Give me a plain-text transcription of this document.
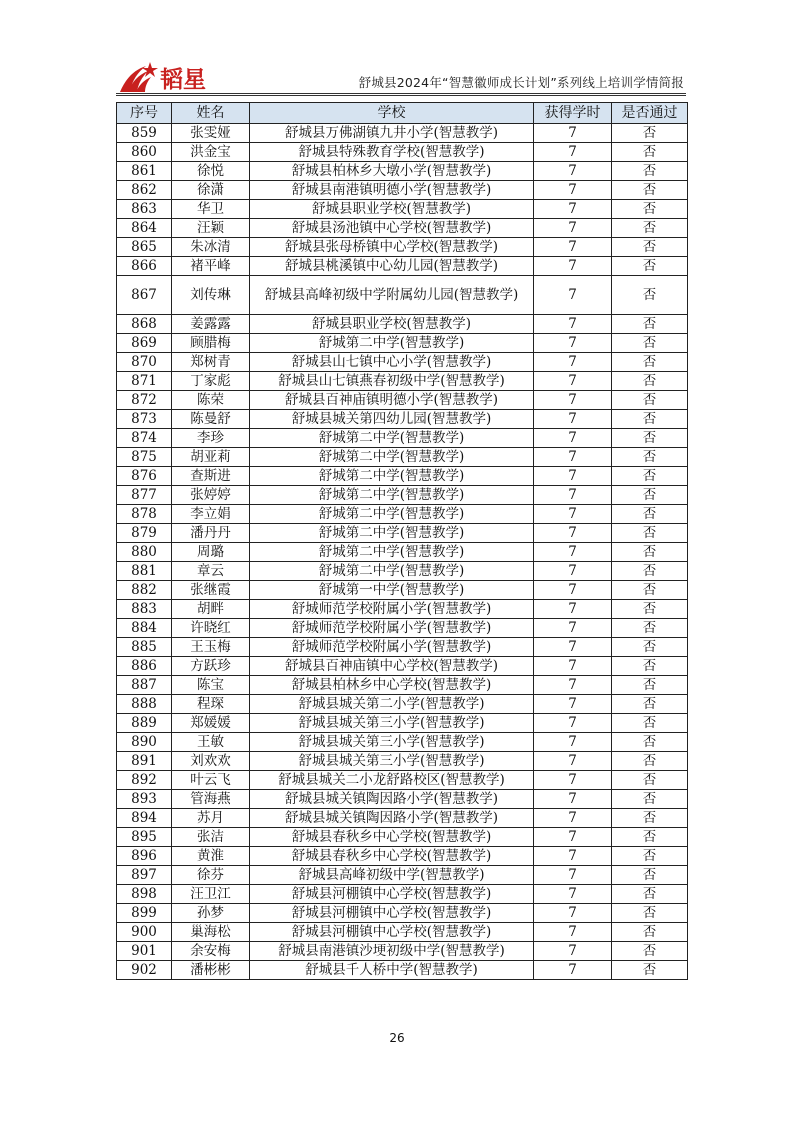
韬星	舒城县2024年“智慧徽师成长计划”系列线上培训学情简报
序号	姓名	学校	获得学时	是否通过
859	张雯娅	舒城县万佛湖镇九井小学(智慧教学)	7	否
860	洪金宝	舒城县特殊教育学校(智慧教学)	7	否
861	徐悦	舒城县柏林乡大墩小学(智慧教学)	7	否
862	徐潇	舒城县南港镇明德小学(智慧教学)	7	否
863	华卫	舒城县职业学校(智慧教学)	7	否
864	汪颖	舒城县汤池镇中心学校(智慧教学)	7	否
865	朱冰清	舒城县张母桥镇中心学校(智慧教学)	7	否
866	褚平峰	舒城县桃溪镇中心幼儿园(智慧教学)	7	否
867	刘传琳	舒城县高峰初级中学附属幼儿园(智慧教学)	7	否
868	姜露露	舒城县职业学校(智慧教学)	7	否
869	顾腊梅	舒城第二中学(智慧教学)	7	否
870	郑树青	舒城县山七镇中心小学(智慧教学)	7	否
871	丁家彪	舒城县山七镇燕春初级中学(智慧教学)	7	否
872	陈荣	舒城县百神庙镇明德小学(智慧教学)	7	否
873	陈曼舒	舒城县城关第四幼儿园(智慧教学)	7	否
874	李珍	舒城第二中学(智慧教学)	7	否
875	胡亚莉	舒城第二中学(智慧教学)	7	否
876	查斯进	舒城第二中学(智慧教学)	7	否
877	张婷婷	舒城第二中学(智慧教学)	7	否
878	李立娟	舒城第二中学(智慧教学)	7	否
879	潘丹丹	舒城第二中学(智慧教学)	7	否
880	周璐	舒城第二中学(智慧教学)	7	否
881	章云	舒城第二中学(智慧教学)	7	否
882	张继霞	舒城第一中学(智慧教学)	7	否
883	胡畔	舒城师范学校附属小学(智慧教学)	7	否
884	许晓红	舒城师范学校附属小学(智慧教学)	7	否
885	王玉梅	舒城师范学校附属小学(智慧教学)	7	否
886	方跃珍	舒城县百神庙镇中心学校(智慧教学)	7	否
887	陈宝	舒城县柏林乡中心学校(智慧教学)	7	否
888	程琛	舒城县城关第二小学(智慧教学)	7	否
889	郑媛媛	舒城县城关第三小学(智慧教学)	7	否
890	王敏	舒城县城关第三小学(智慧教学)	7	否
891	刘欢欢	舒城县城关第三小学(智慧教学)	7	否
892	叶云飞	舒城县城关二小龙舒路校区(智慧教学)	7	否
893	管海燕	舒城县城关镇陶因路小学(智慧教学)	7	否
894	苏月	舒城县城关镇陶因路小学(智慧教学)	7	否
895	张洁	舒城县春秋乡中心学校(智慧教学)	7	否
896	黄淮	舒城县春秋乡中心学校(智慧教学)	7	否
897	徐芬	舒城县高峰初级中学(智慧教学)	7	否
898	汪卫江	舒城县河棚镇中心学校(智慧教学)	7	否
899	孙梦	舒城县河棚镇中心学校(智慧教学)	7	否
900	巢海松	舒城县河棚镇中心学校(智慧教学)	7	否
901	余安梅	舒城县南港镇沙埂初级中学(智慧教学)	7	否
902	潘彬彬	舒城县千人桥中学(智慧教学)	7	否
26
